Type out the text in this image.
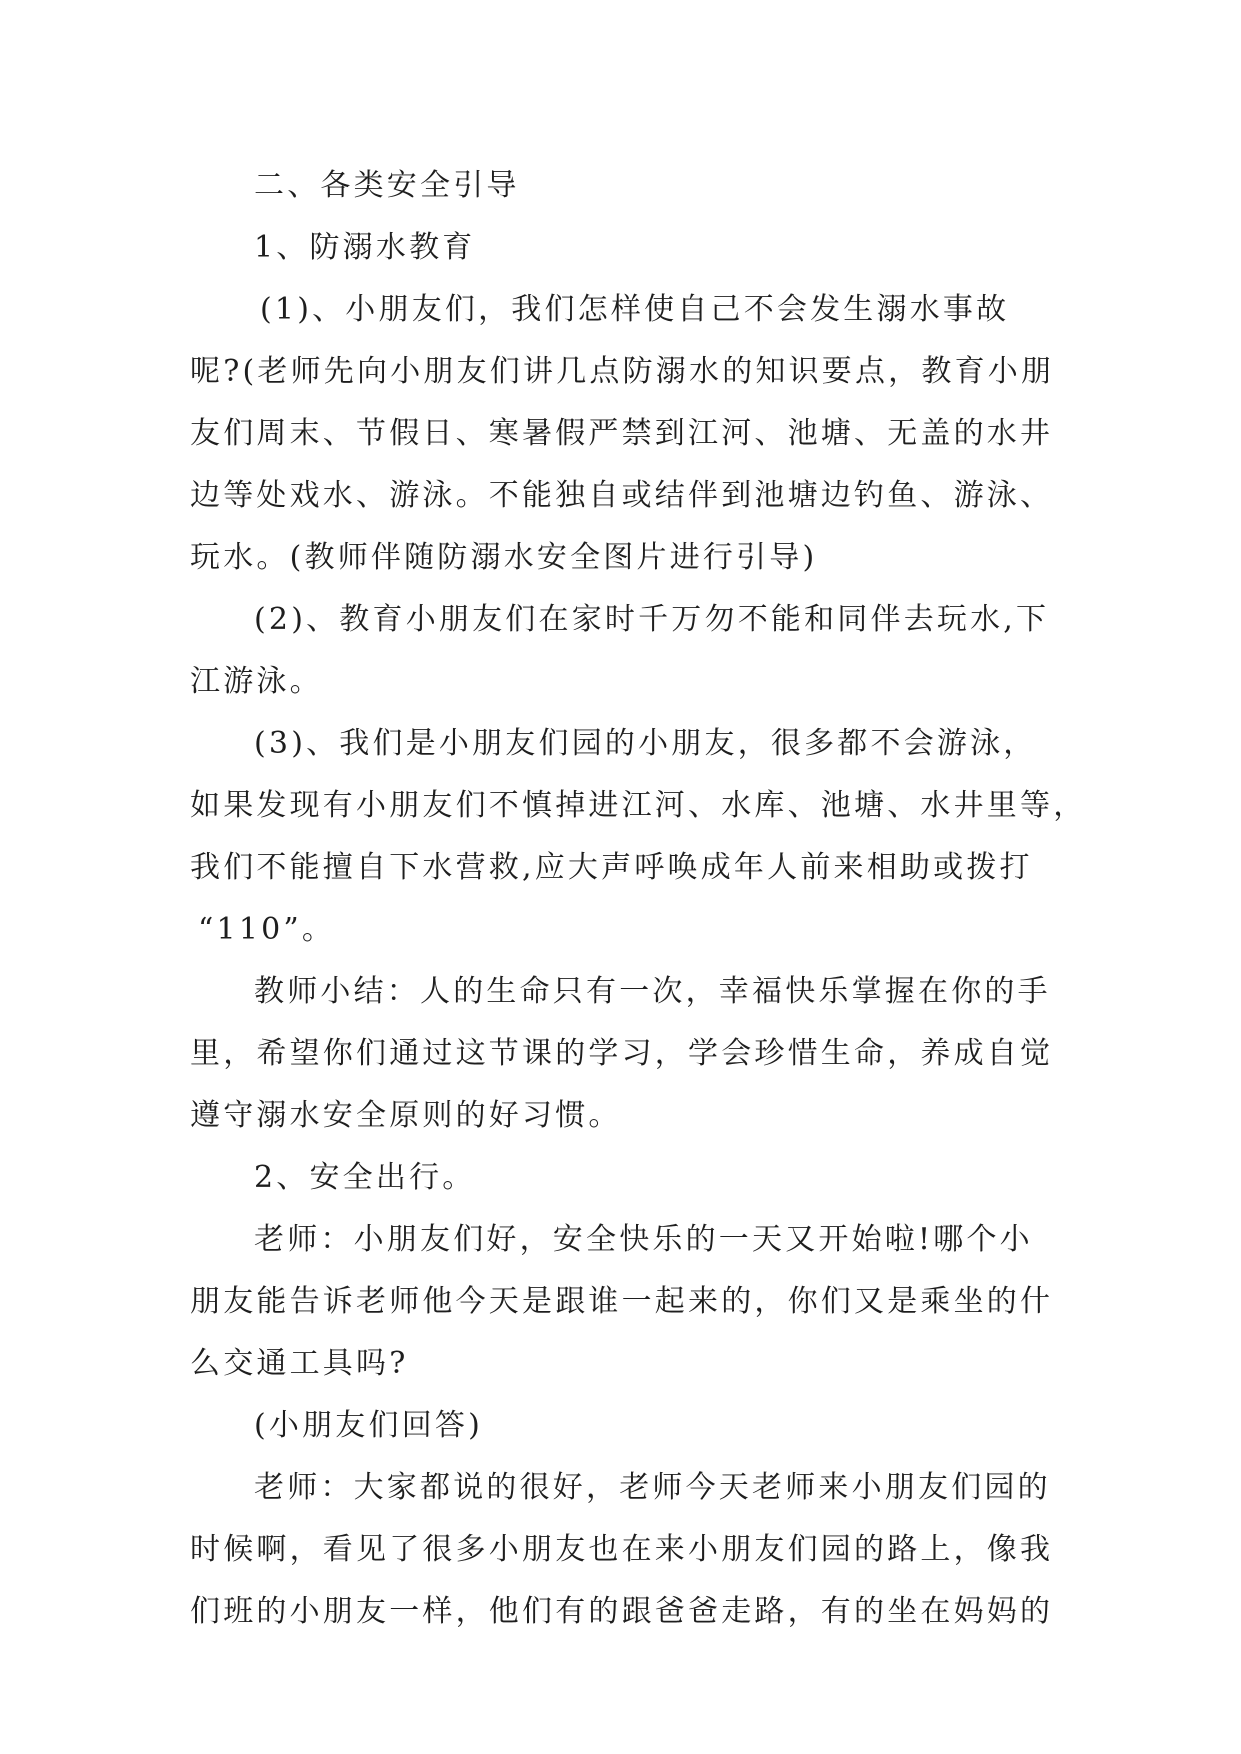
二、各类安全引导
1、防溺水教育
(1)、小朋友们，我们怎样使自己不会发生溺水事故
呢?(老师先向小朋友们讲几点防溺水的知识要点，教育小朋
友们周末、节假日、寒暑假严禁到江河、池塘、无盖的水井
边等处戏水、游泳。不能独自或结伴到池塘边钓鱼、游泳、
玩水。(教师伴随防溺水安全图片进行引导)
(2)、教育小朋友们在家时千万勿不能和同伴去玩水,下
江游泳。
(3)、我们是小朋友们园的小朋友，很多都不会游泳，
如果发现有小朋友们不慎掉进江河、水库、池塘、水井里等，
我们不能擅自下水营救,应大声呼唤成年人前来相助或拨打
“110”。
教师小结：人的生命只有一次，幸福快乐掌握在你的手
里，希望你们通过这节课的学习，学会珍惜生命，养成自觉
遵守溺水安全原则的好习惯。
2、安全出行。
老师：小朋友们好，安全快乐的一天又开始啦!哪个小
朋友能告诉老师他今天是跟谁一起来的，你们又是乘坐的什
么交通工具吗?
(小朋友们回答)
老师：大家都说的很好，老师今天老师来小朋友们园的
时候啊，看见了很多小朋友也在来小朋友们园的路上，像我
们班的小朋友一样，他们有的跟爸爸走路，有的坐在妈妈的
